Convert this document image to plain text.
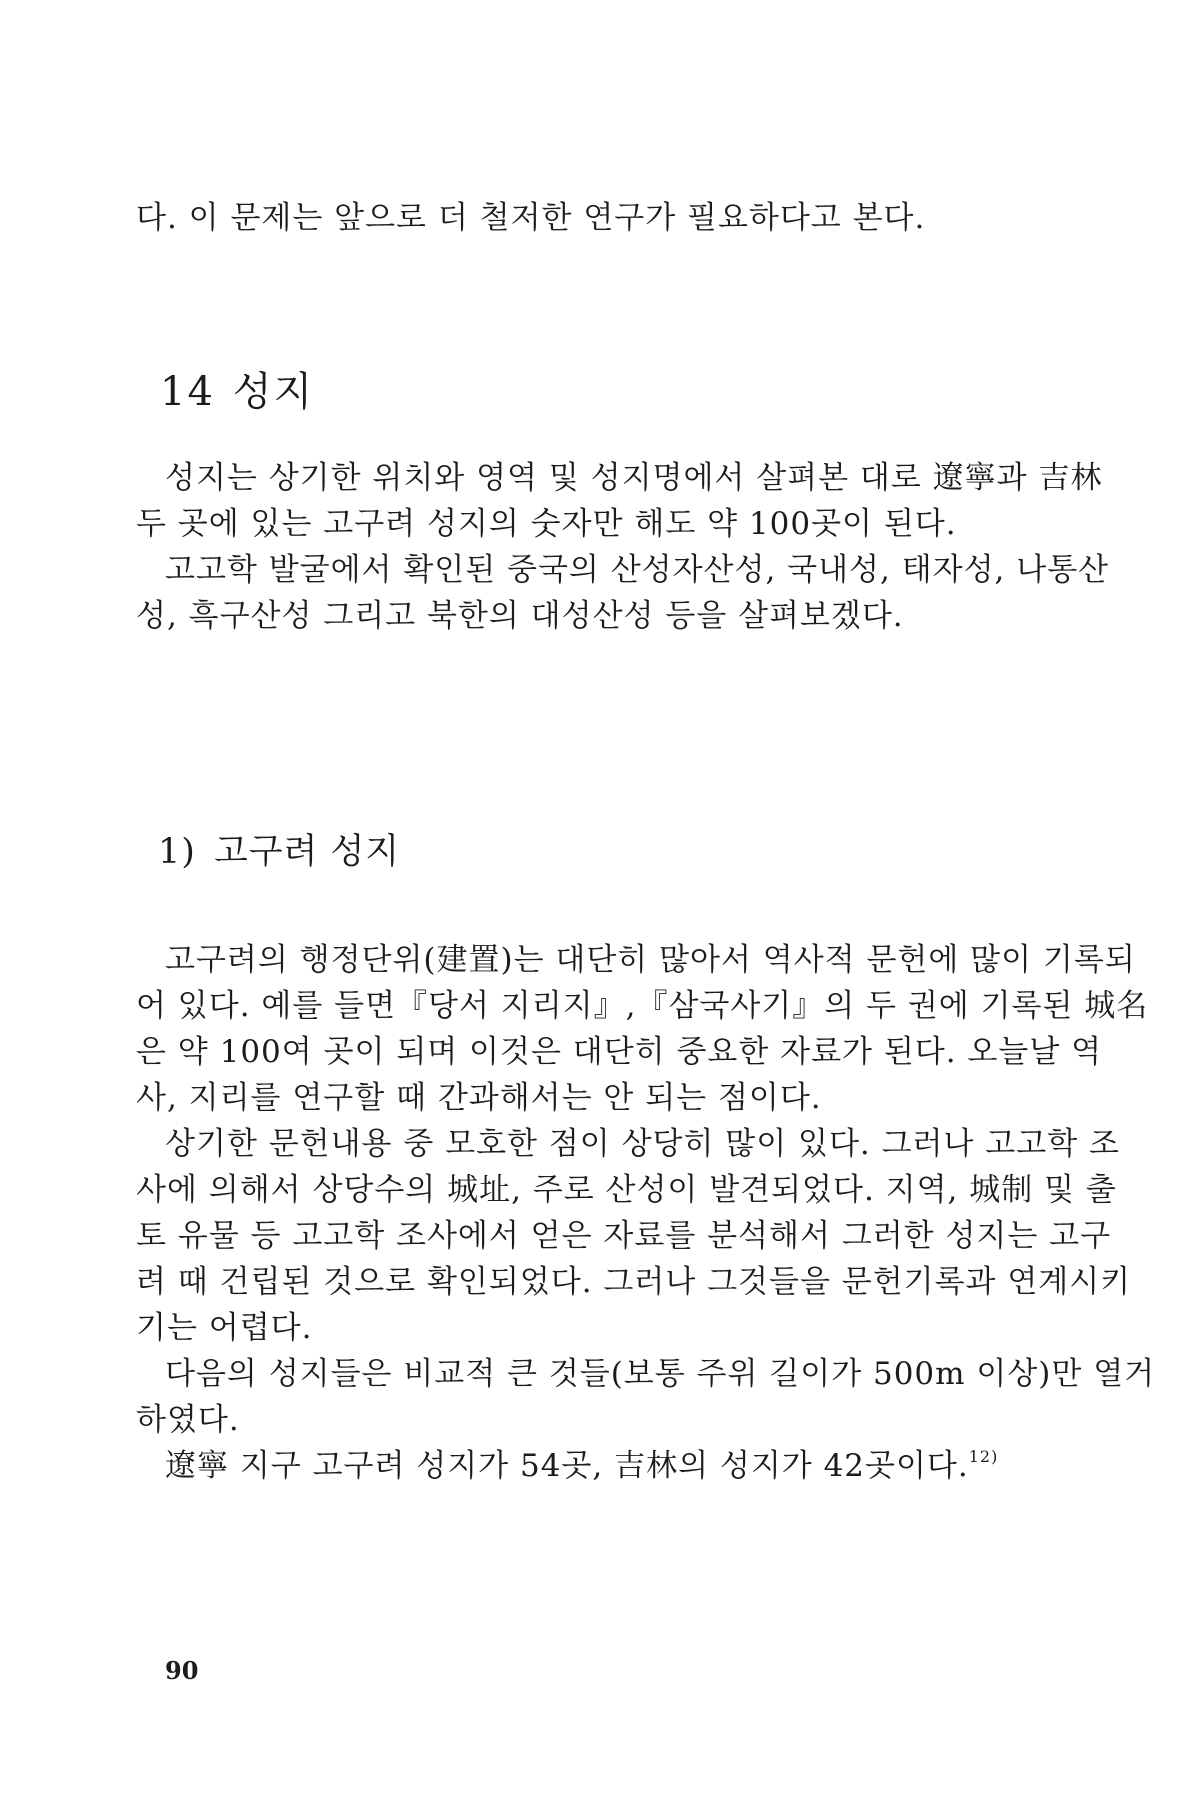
다. 이 문제는 앞으로 더 철저한 연구가 필요하다고 본다.
14 성지
성지는 상기한 위치와 영역 및 성지명에서 살펴본 대로 遼寧과 吉林
두 곳에 있는 고구려 성지의 숫자만 해도 약 100곳이 된다.
고고학 발굴에서 확인된 중국의 산성자산성, 국내성, 태자성, 나통산
성, 흑구산성 그리고 북한의 대성산성 등을 살펴보겠다.
1) 고구려 성지
고구려의 행정단위(建置)는 대단히 많아서 역사적 문헌에 많이 기록되
어 있다. 예를 들면『당서 지리지』,『삼국사기』의 두 권에 기록된 城名
은 약 100여 곳이 되며 이것은 대단히 중요한 자료가 된다. 오늘날 역
사, 지리를 연구할 때 간과해서는 안 되는 점이다.
상기한 문헌내용 중 모호한 점이 상당히 많이 있다. 그러나 고고학 조
사에 의해서 상당수의 城址, 주로 산성이 발견되었다. 지역, 城制 및 출
토 유물 등 고고학 조사에서 얻은 자료를 분석해서 그러한 성지는 고구
려 때 건립된 것으로 확인되었다. 그러나 그것들을 문헌기록과 연계시키
기는 어렵다.
다음의 성지들은 비교적 큰 것들(보통 주위 길이가 500m 이상)만 열거
하였다.
遼寧 지구 고구려 성지가 54곳, 吉林의 성지가 42곳이다.$^{12)}$
90
